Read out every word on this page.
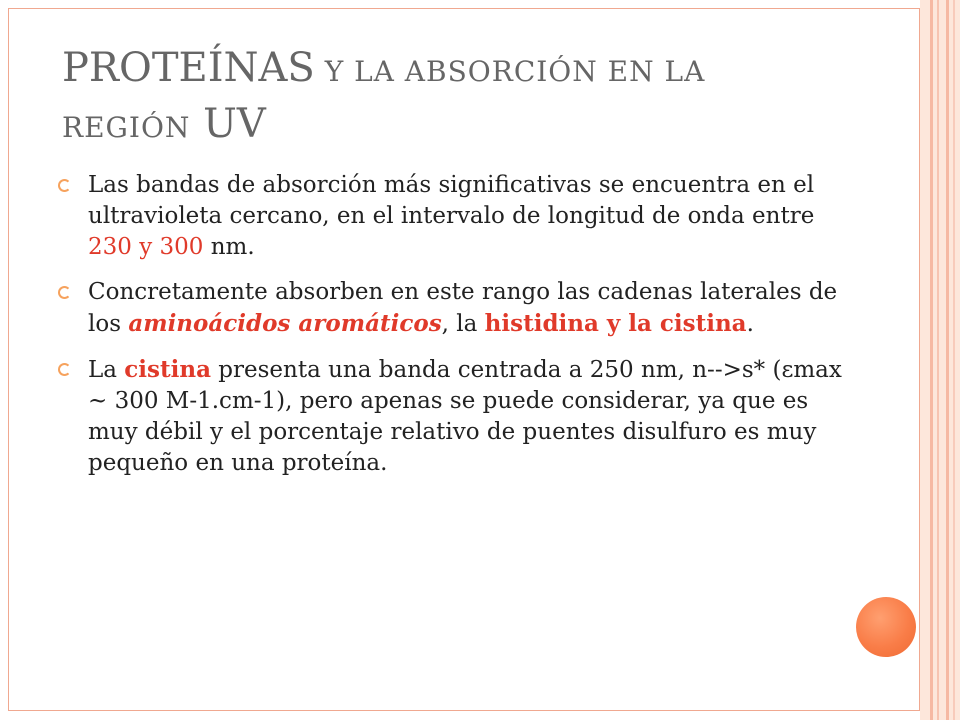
PROTEÍNAS Y LA ABSORCIÓN EN LA
REGIÓN UV
Las bandas de absorción más significativas se encuentra en el ultravioleta cercano, en el intervalo de longitud de onda entre 230 y 300 nm.
Concretamente absorben en este rango las cadenas laterales de los aminoácidos aromáticos, la histidina y la cistina.
La cistina presenta una banda centrada a 250 nm, n-->s* (εmax ~ 300 M-1.cm-1), pero apenas se puede considerar, ya que es muy débil y el porcentaje relativo de puentes disulfuro es muy pequeño en una proteína.
